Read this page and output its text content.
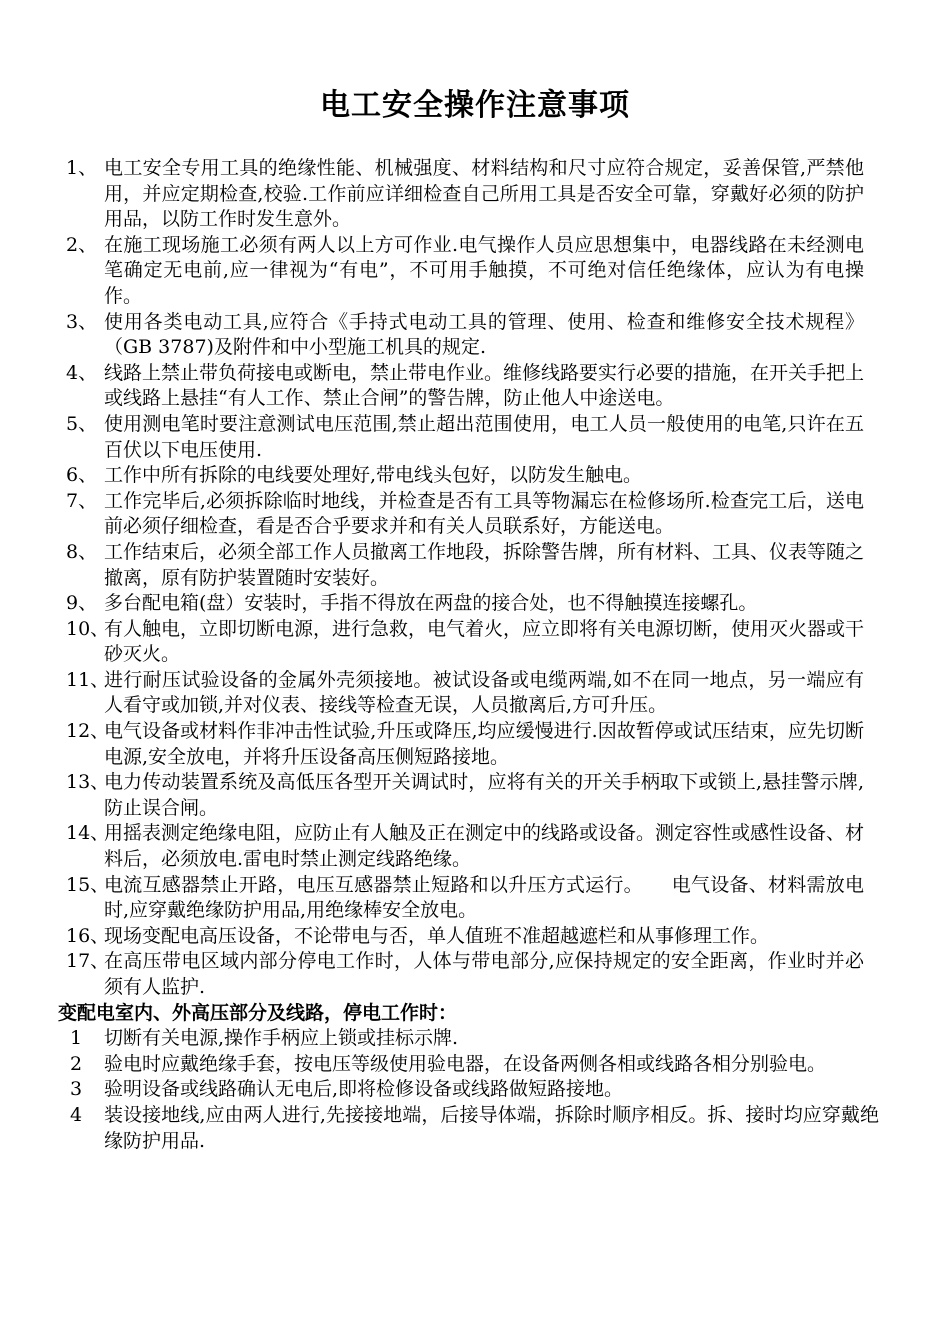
电工安全操作注意事项
1、 电工安全专用工具的绝缘性能、机械强度、材料结构和尺寸应符合规定，妥善保管,严禁他用，并应定期检查,校验.工作前应详细检查自己所用工具是否安全可靠，穿戴好必须的防护用品，以防工作时发生意外。
2、 在施工现场施工必须有两人以上方可作业.电气操作人员应思想集中，电器线路在未经测电笔确定无电前,应一律视为“有电”，不可用手触摸，不可绝对信任绝缘体，应认为有电操作。
3、 使用各类电动工具,应符合《手持式电动工具的管理、使用、检查和维修安全技术规程》（GB 3787)及附件和中小型施工机具的规定.
4、 线路上禁止带负荷接电或断电，禁止带电作业。维修线路要实行必要的措施，在开关手把上或线路上悬挂“有人工作、禁止合闸”的警告牌，防止他人中途送电。
5、 使用测电笔时要注意测试电压范围,禁止超出范围使用，电工人员一般使用的电笔,只许在五百伏以下电压使用.
6、 工作中所有拆除的电线要处理好,带电线头包好，以防发生触电。
7、 工作完毕后,必须拆除临时地线，并检查是否有工具等物漏忘在检修场所.检查完工后，送电前必须仔细检查，看是否合乎要求并和有关人员联系好，方能送电。
8、 工作结束后，必须全部工作人员撤离工作地段，拆除警告牌，所有材料、工具、仪表等随之撤离，原有防护装置随时安装好。
9、 多台配电箱(盘）安装时，手指不得放在两盘的接合处，也不得触摸连接螺孔。
10、
有人触电，立即切断电源，进行急救，电气着火，应立即将有关电源切断，使用灭火器或干砂灭火。
11、
进行耐压试验设备的金属外壳须接地。被试设备或电缆两端,如不在同一地点，另一端应有人看守或加锁,并对仪表、接线等检查无误，人员撤离后,方可升压。
12、
电气设备或材料作非冲击性试验,升压或降压,均应缓慢进行.因故暂停或试压结束，应先切断电源,安全放电，并将升压设备高压侧短路接地。
13、
电力传动装置系统及高低压各型开关调试时，应将有关的开关手柄取下或锁上,悬挂警示牌,防止误合闸。
14、
用摇表测定绝缘电阻，应防止有人触及正在测定中的线路或设备。测定容性或感性设备、材料后，必须放电.雷电时禁止测定线路绝缘。
15、
电流互感器禁止开路，电压互感器禁止短路和以升压方式运行。　　电气设备、材料需放电时,应穿戴绝缘防护用品,用绝缘棒安全放电。
16、
现场变配电高压设备，不论带电与否，单人值班不准超越遮栏和从事修理工作。
17、
在高压带电区域内部分停电工作时，人体与带电部分,应保持规定的安全距离，作业时并必须有人监护.
变配电室内、外高压部分及线路，停电工作时：
1 切断有关电源,操作手柄应上锁或挂标示牌.
2 验电时应戴绝缘手套，按电压等级使用验电器，在设备两侧各相或线路各相分别验电。
3 验明设备或线路确认无电后,即将检修设备或线路做短路接地。
4 装设接地线,应由两人进行,先接接地端，后接导体端，拆除时顺序相反。拆、接时均应穿戴绝缘防护用品.
